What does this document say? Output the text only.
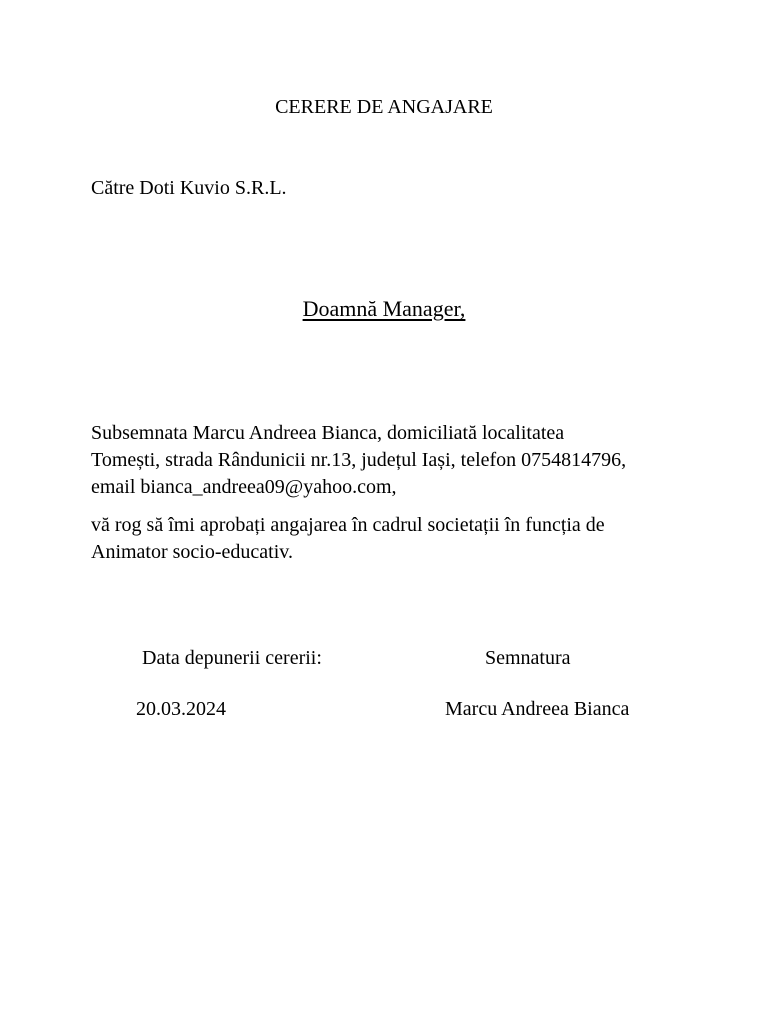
CERERE DE ANGAJARE

Către Doti Kuvio S.R.L.

Doamnă Manager,

Subsemnata Marcu Andreea Bianca, domiciliată localitatea

Tomești, strada Rândunicii nr.13, județul Iași, telefon 0754814796,

email bianca_andreea09@yahoo.com,

vă rog să îmi aprobați angajarea în cadrul societații în funcția de

Animator socio-educativ.

Data depunerii cererii:	Semnatura

20.03.2024	Marcu Andreea Bianca
